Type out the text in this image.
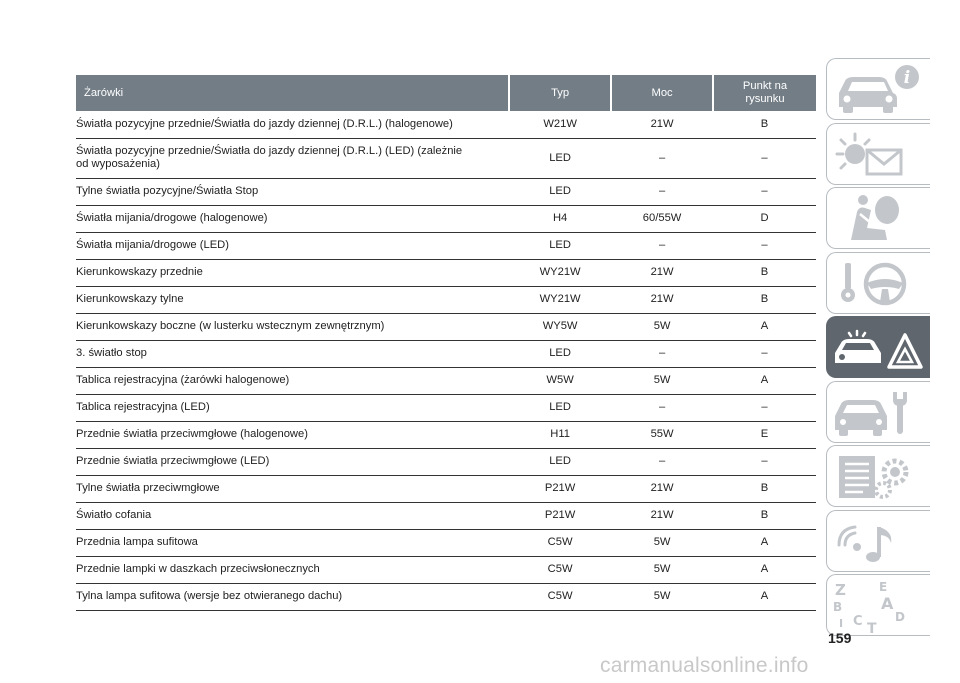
Żarówki	Typ	Moc	Punkt na rysunku
Światła pozycyjne przednie/Światła do jazdy dziennej (D.R.L.) (halogenowe)	W21W	21W	B
Światła pozycyjne przednie/Światła do jazdy dziennej (D.R.L.) (LED) (zależnie od wyposażenia)	LED	–	–
Tylne światła pozycyjne/Światła Stop	LED	–	–
Światła mijania/drogowe (halogenowe)	H4	60/55W	D
Światła mijania/drogowe (LED)	LED	–	–
Kierunkowskazy przednie	WY21W	21W	B
Kierunkowskazy tylne	WY21W	21W	B
Kierunkowskazy boczne (w lusterku wstecznym zewnętrznym)	WY5W	5W	A
3. światło stop	LED	–	–
Tablica rejestracyjna (żarówki halogenowe)	W5W	5W	A
Tablica rejestracyjna (LED)	LED	–	–
Przednie światła przeciwmgłowe (halogenowe)	H11	55W	E
Przednie światła przeciwmgłowe (LED)	LED	–	–
Tylne światła przeciwmgłowe	P21W	21W	B
Światło cofania	P21W	21W	B
Przednia lampa sufitowa	C5W	5W	A
Przednie lampki w daszkach przeciwsłonecznych	C5W	5W	A
Tylna lampa sufitowa (wersje bez otwieranego dachu)	C5W	5W	A
i
Z	E
B A
I C T
D
159
carmanualsonline.info
